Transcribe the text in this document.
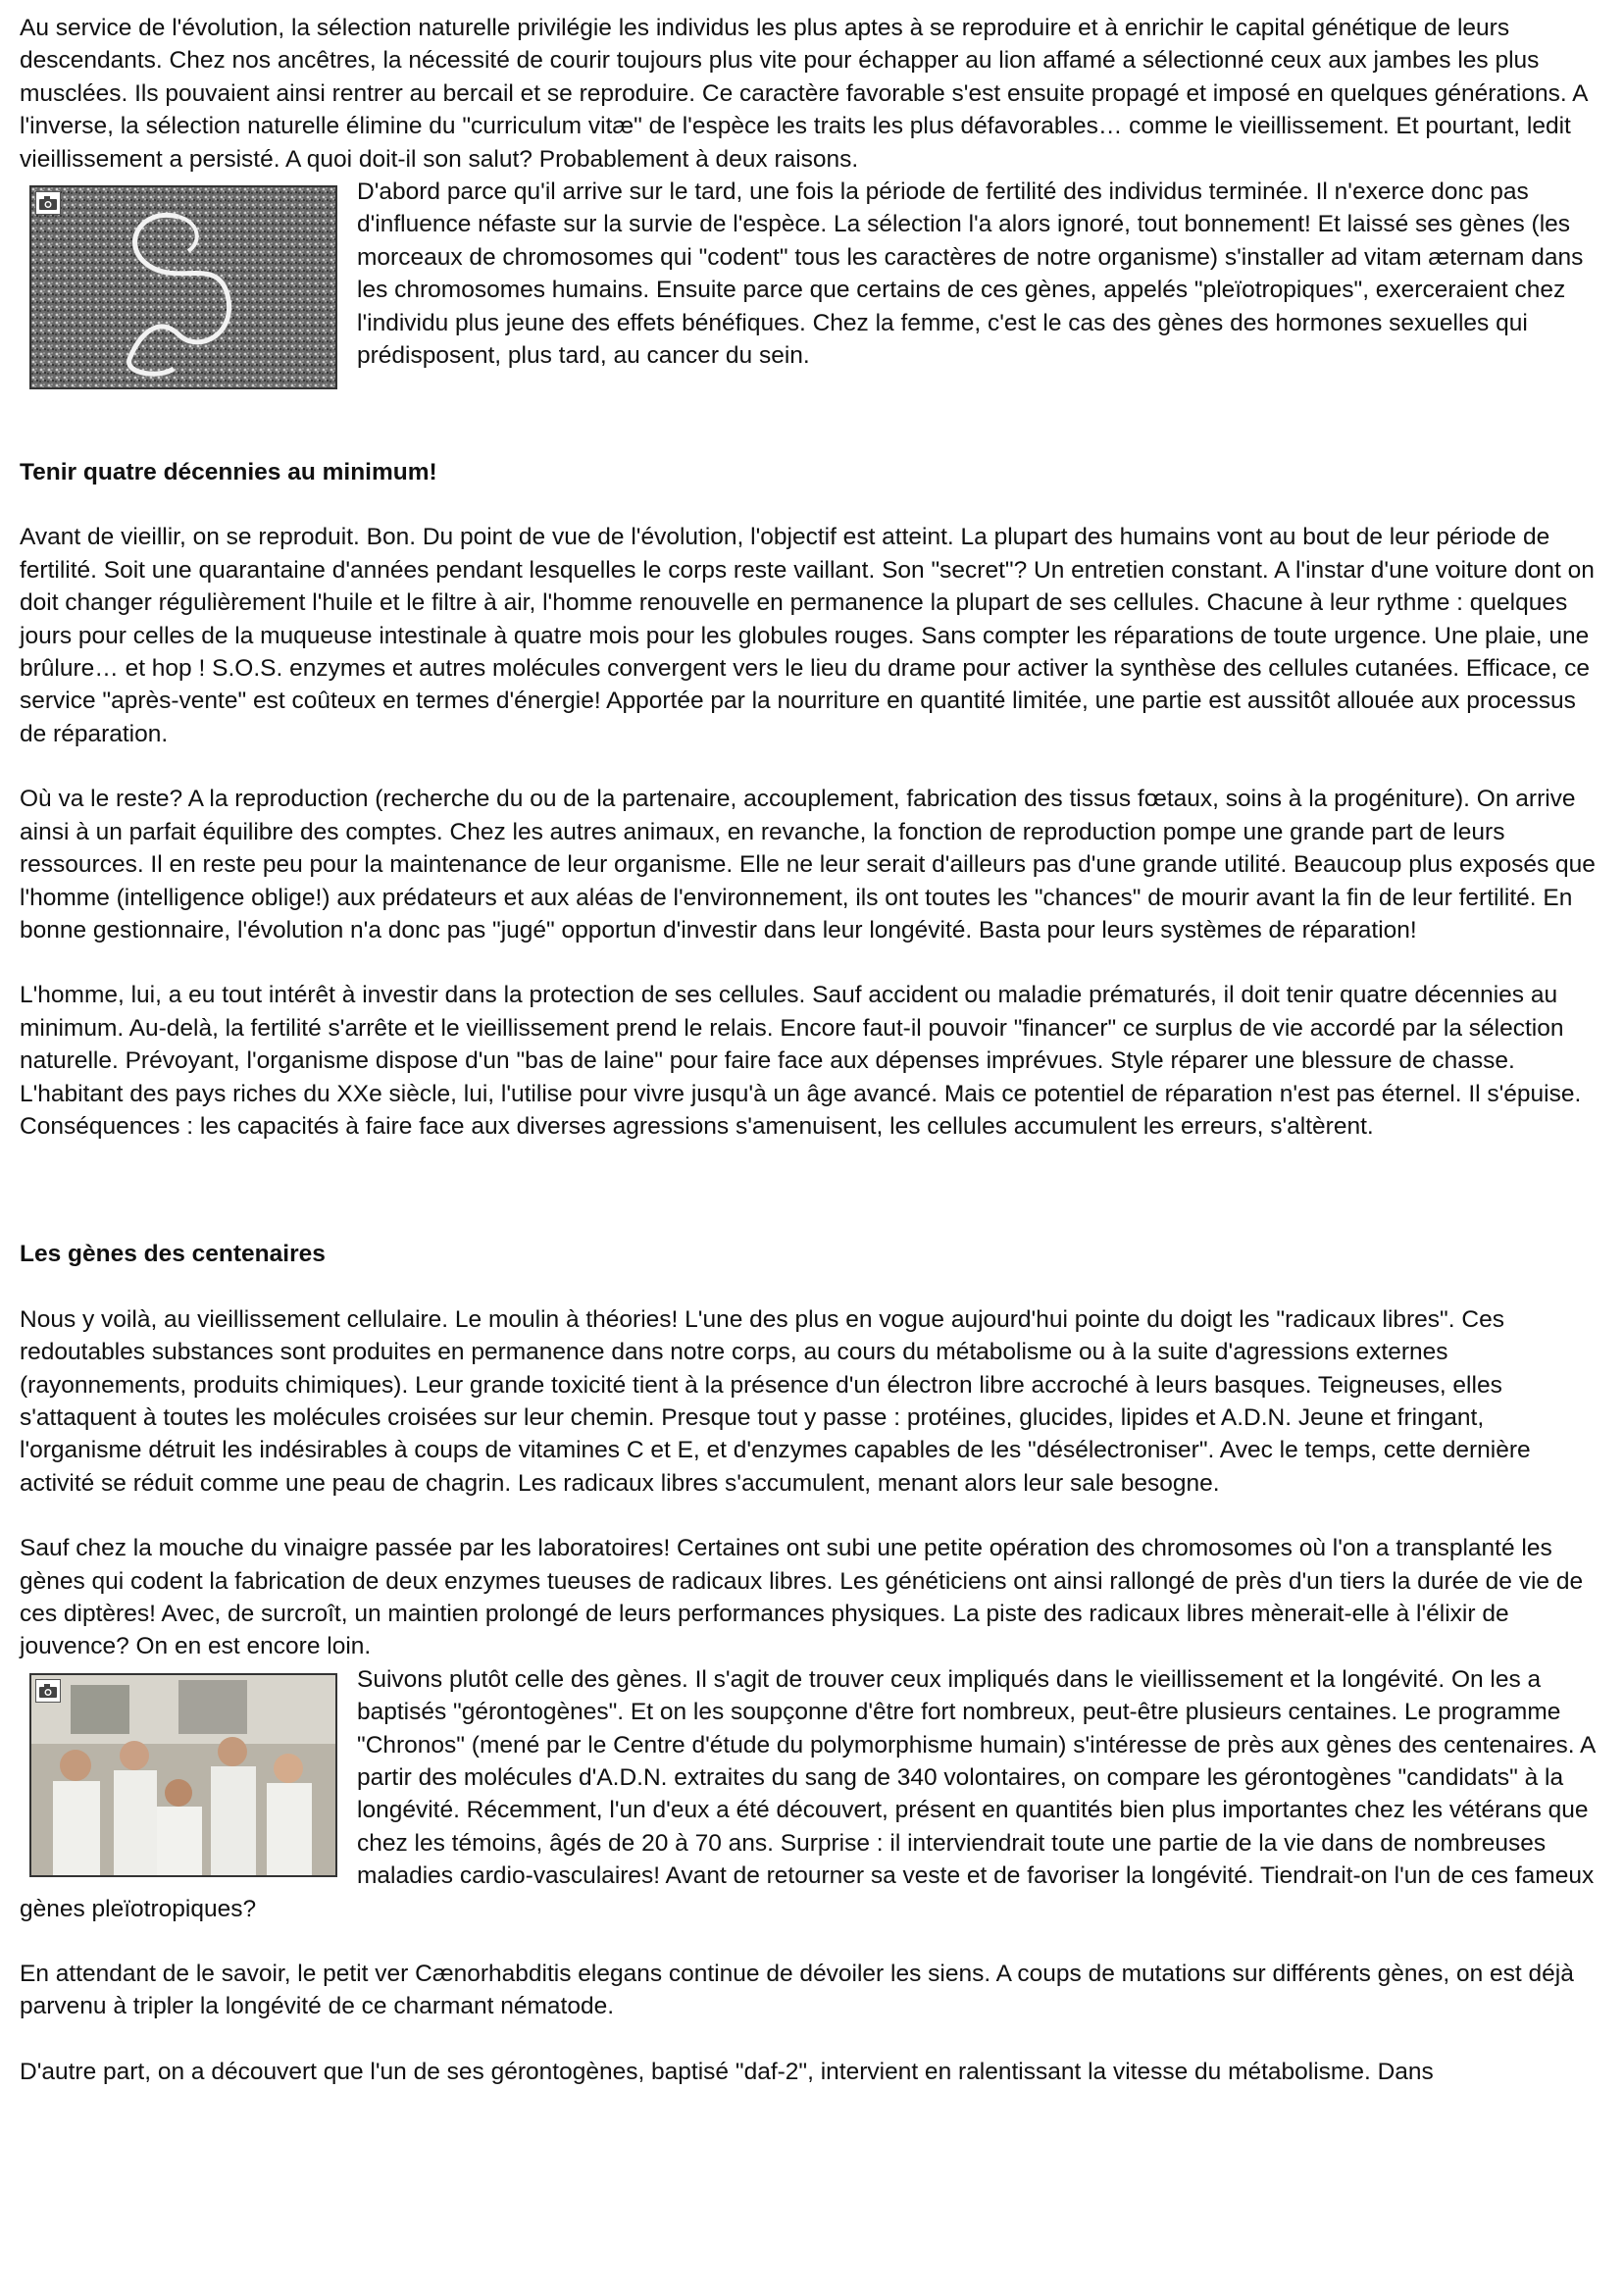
Au service de l'évolution, la sélection naturelle privilégie les individus les plus aptes à se reproduire et à enrichir le capital génétique de leurs descendants. Chez nos ancêtres, la nécessité de courir toujours plus vite pour échapper au lion affamé a sélectionné ceux aux jambes les plus musclées. Ils pouvaient ainsi rentrer au bercail et se reproduire. Ce caractère favorable s'est ensuite propagé et imposé en quelques générations. A l'inverse, la sélection naturelle élimine du "curriculum vitæ" de l'espèce les traits les plus défavorables… comme le vieillissement. Et pourtant, ledit vieillissement a persisté. A quoi doit-il son salut? Probablement à deux raisons.

D'abord parce qu'il arrive sur le tard, une fois la période de fertilité des individus terminée. Il n'exerce donc pas d'influence néfaste sur la survie de l'espèce. La sélection l'a alors ignoré, tout bonnement! Et laissé ses gènes (les morceaux de chromosomes qui "codent" tous les caractères de notre organisme) s'installer ad vitam æternam dans les chromosomes humains. Ensuite parce que certains de ces gènes, appelés "pleïotropiques", exerceraient chez l'individu plus jeune des effets bénéfiques. Chez la femme, c'est le cas des gènes des hormones sexuelles qui prédisposent, plus tard, au cancer du sein.

Tenir quatre décennies au minimum!

Avant de vieillir, on se reproduit. Bon. Du point de vue de l'évolution, l'objectif est atteint. La plupart des humains vont au bout de leur période de fertilité. Soit une quarantaine d'années pendant lesquelles le corps reste vaillant. Son "secret"? Un entretien constant. A l'instar d'une voiture dont on doit changer régulièrement l'huile et le filtre à air, l'homme renouvelle en permanence la plupart de ses cellules. Chacune à leur rythme : quelques jours pour celles de la muqueuse intestinale à quatre mois pour les globules rouges. Sans compter les réparations de toute urgence. Une plaie, une brûlure… et hop ! S.O.S. enzymes et autres molécules convergent vers le lieu du drame pour activer la synthèse des cellules cutanées. Efficace, ce service "après-vente" est coûteux en termes d'énergie! Apportée par la nourriture en quantité limitée, une partie est aussitôt allouée aux processus de réparation.

Où va le reste? A la reproduction (recherche du ou de la partenaire, accouplement, fabrication des tissus fœtaux, soins à la progéniture). On arrive ainsi à un parfait équilibre des comptes. Chez les autres animaux, en revanche, la fonction de reproduction pompe une grande part de leurs ressources. Il en reste peu pour la maintenance de leur organisme. Elle ne leur serait d'ailleurs pas d'une grande utilité. Beaucoup plus exposés que l'homme (intelligence oblige!) aux prédateurs et aux aléas de l'environnement, ils ont toutes les "chances" de mourir avant la fin de leur fertilité. En bonne gestionnaire, l'évolution n'a donc pas "jugé" opportun d'investir dans leur longévité. Basta pour leurs systèmes de réparation!

L'homme, lui, a eu tout intérêt à investir dans la protection de ses cellules. Sauf accident ou maladie prématurés, il doit tenir quatre décennies au minimum. Au-delà, la fertilité s'arrête et le vieillissement prend le relais. Encore faut-il pouvoir "financer" ce surplus de vie accordé par la sélection naturelle. Prévoyant, l'organisme dispose d'un "bas de laine" pour faire face aux dépenses imprévues. Style réparer une blessure de chasse. L'habitant des pays riches du XXe siècle, lui, l'utilise pour vivre jusqu'à un âge avancé. Mais ce potentiel de réparation n'est pas éternel. Il s'épuise. Conséquences : les capacités à faire face aux diverses agressions s'amenuisent, les cellules accumulent les erreurs, s'altèrent.

Les gènes des centenaires

Nous y voilà, au vieillissement cellulaire. Le moulin à théories! L'une des plus en vogue aujourd'hui pointe du doigt les "radicaux libres". Ces redoutables substances sont produites en permanence dans notre corps, au cours du métabolisme ou à la suite d'agressions externes (rayonnements, produits chimiques). Leur grande toxicité tient à la présence d'un électron libre accroché à leurs basques. Teigneuses, elles s'attaquent à toutes les molécules croisées sur leur chemin. Presque tout y passe : protéines, glucides, lipides et A.D.N. Jeune et fringant, l'organisme détruit les indésirables à coups de vitamines C et E, et d'enzymes capables de les "désélectroniser". Avec le temps, cette dernière activité se réduit comme une peau de chagrin. Les radicaux libres s'accumulent, menant alors leur sale besogne.

Sauf chez la mouche du vinaigre passée par les laboratoires! Certaines ont subi une petite opération des chromosomes où l'on a transplanté les gènes qui codent la fabrication de deux enzymes tueuses de radicaux libres. Les généticiens ont ainsi rallongé de près d'un tiers la durée de vie de ces diptères! Avec, de surcroît, un maintien prolongé de leurs performances physiques. La piste des radicaux libres mènerait-elle à l'élixir de jouvence? On en est encore loin.

Suivons plutôt celle des gènes. Il s'agit de trouver ceux impliqués dans le vieillissement et la longévité. On les a baptisés "gérontogènes". Et on les soupçonne d'être fort nombreux, peut-être plusieurs centaines. Le programme "Chronos" (mené par le Centre d'étude du polymorphisme humain) s'intéresse de près aux gènes des centenaires. A partir des molécules d'A.D.N. extraites du sang de 340 volontaires, on compare les gérontogènes "candidats" à la longévité. Récemment, l'un d'eux a été découvert, présent en quantités bien plus importantes chez les vétérans que chez les témoins, âgés de 20 à 70 ans. Surprise : il interviendrait toute une partie de la vie dans de nombreuses maladies cardio-vasculaires! Avant de retourner sa veste et de favoriser la longévité. Tiendrait-on l'un de ces fameux gènes pleïotropiques?

En attendant de le savoir, le petit ver Cænorhabditis elegans continue de dévoiler les siens. A coups de mutations sur différents gènes, on est déjà parvenu à tripler la longévité de ce charmant nématode.

D'autre part, on a découvert que l'un de ses gérontogènes, baptisé "daf-2", intervient en ralentissant la vitesse du métabolisme. Dans
